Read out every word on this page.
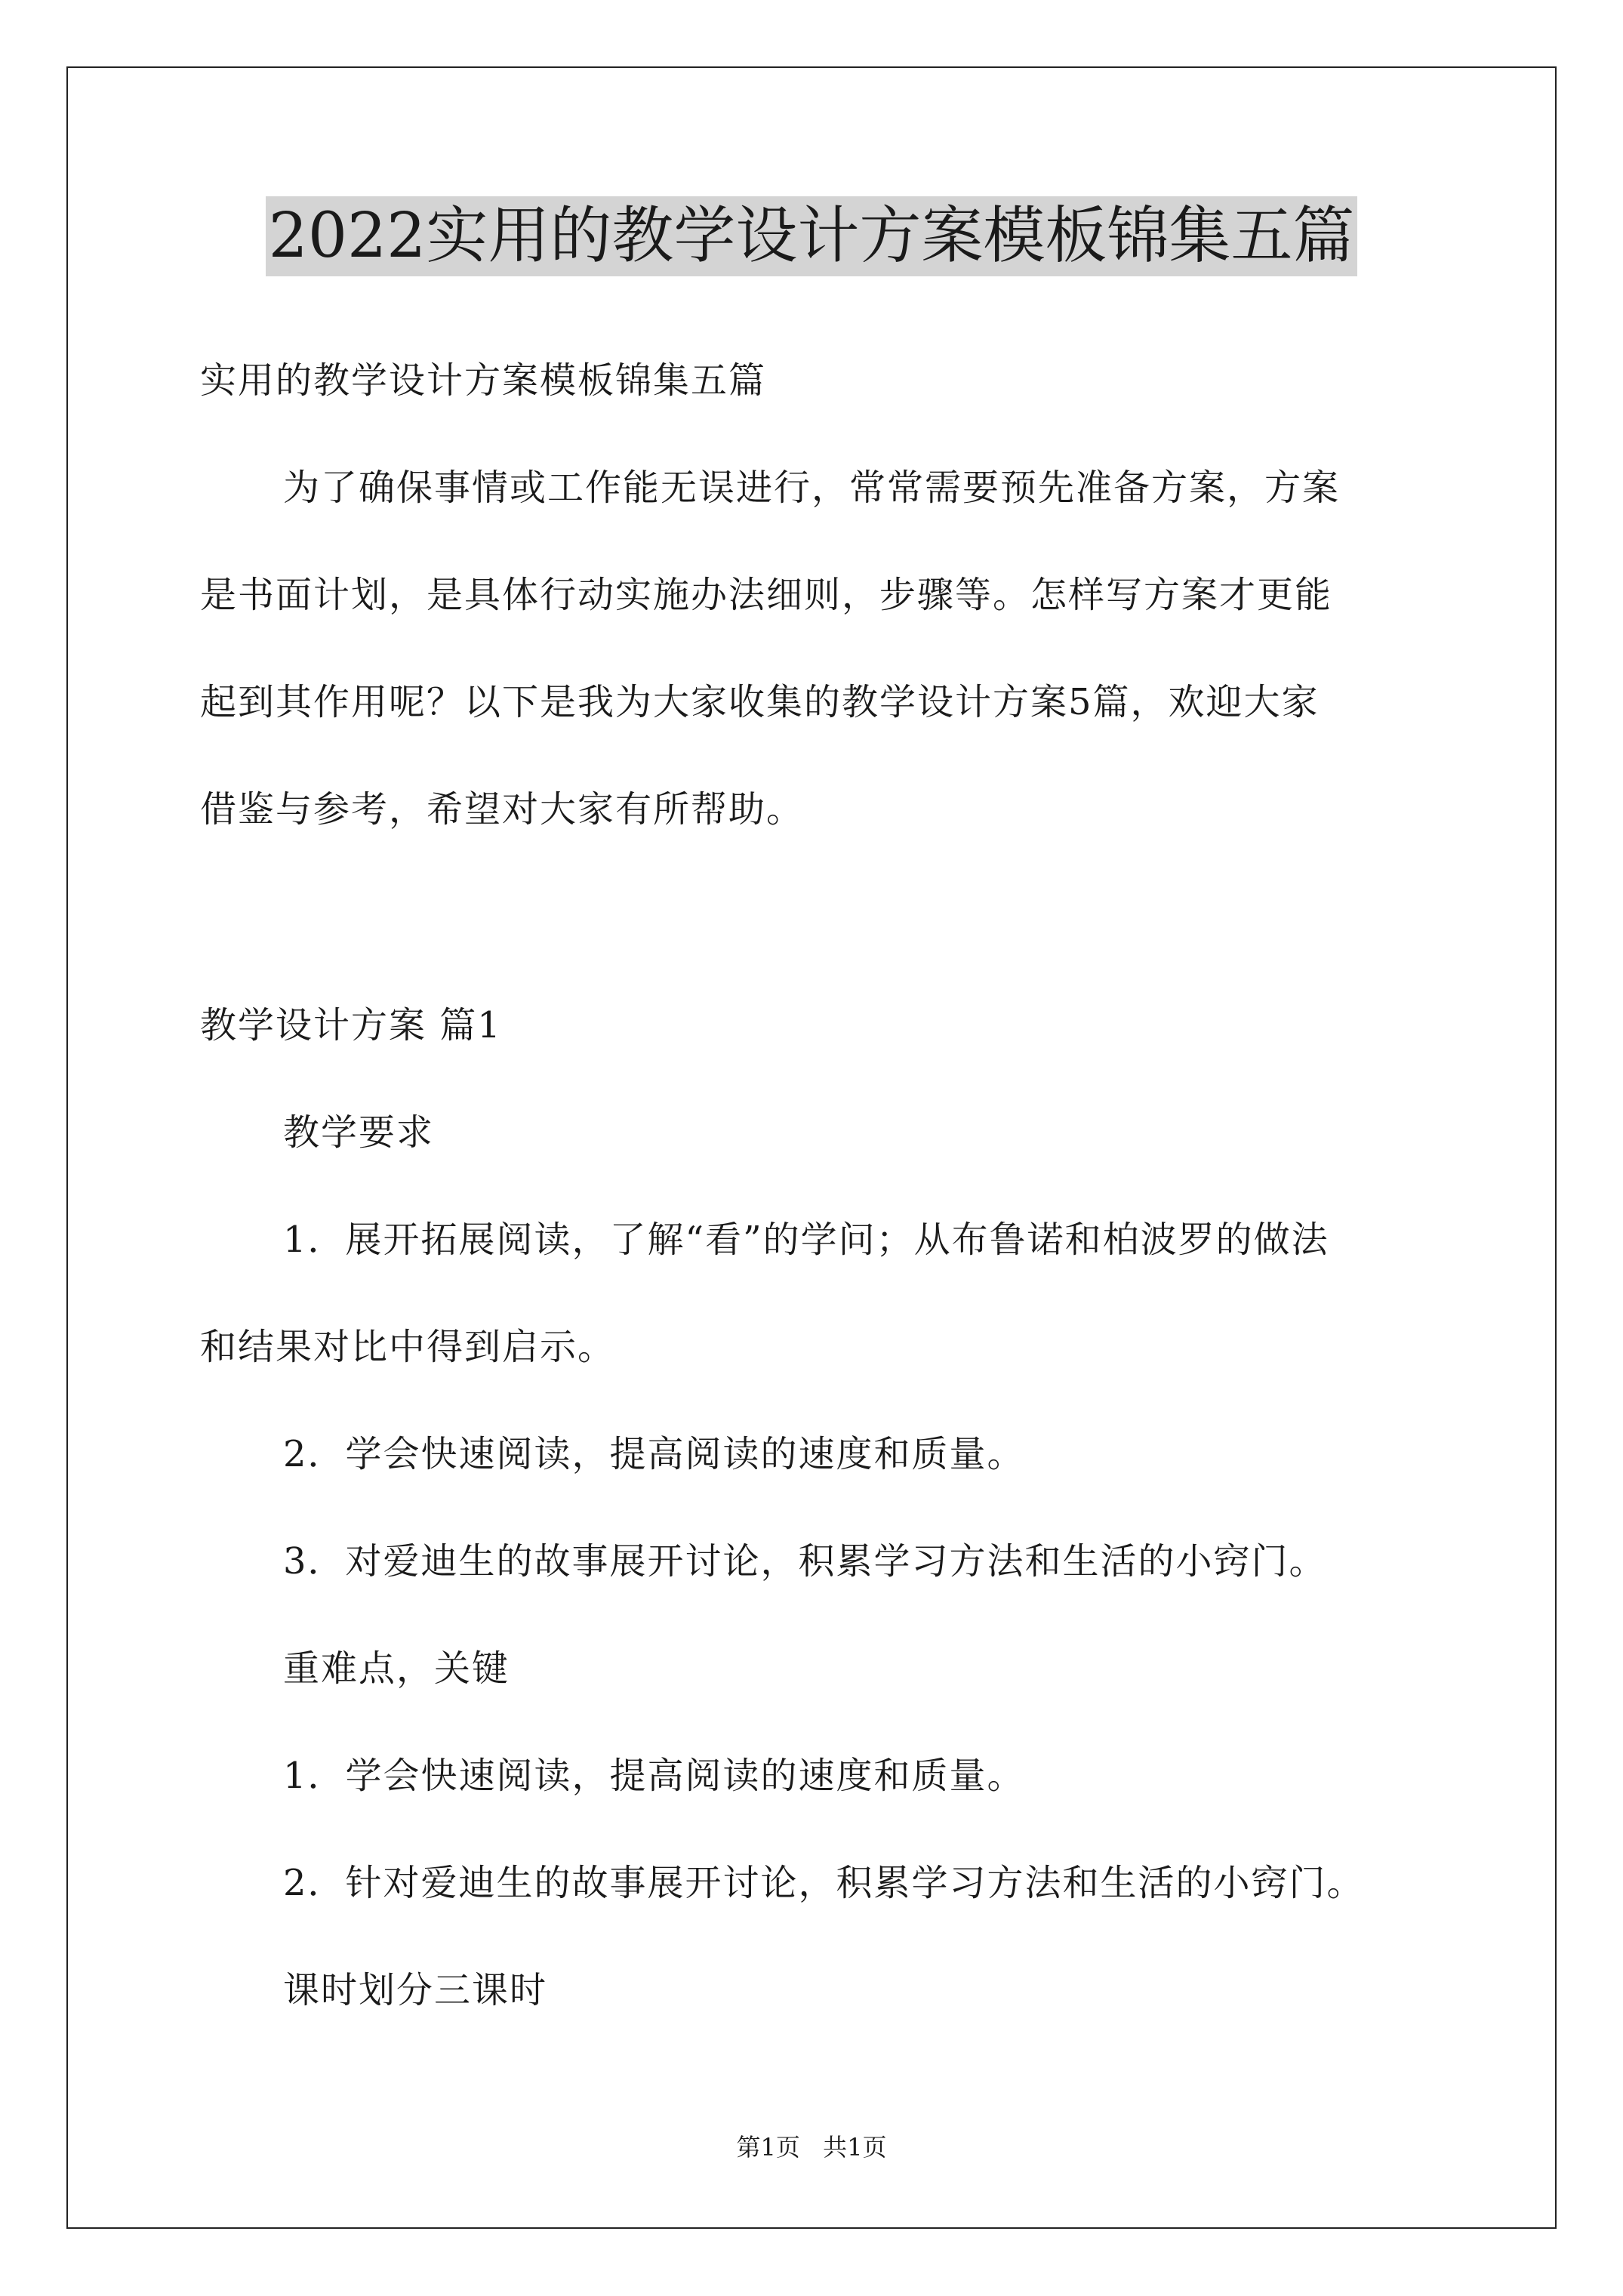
2022实用的教学设计方案模板锦集五篇
实用的教学设计方案模板锦集五篇
为了确保事情或工作能无误进行，常常需要预先准备方案，方案
是书面计划，是具体行动实施办法细则，步骤等。怎样写方案才更能
起到其作用呢？以下是我为大家收集的教学设计方案5篇，欢迎大家
借鉴与参考，希望对大家有所帮助。
教学设计方案 篇1
教学要求
1．展开拓展阅读，了解“看”的学问；从布鲁诺和柏波罗的做法
和结果对比中得到启示。
2．学会快速阅读，提高阅读的速度和质量。
3．对爱迪生的故事展开讨论，积累学习方法和生活的小窍门。
重难点，关键
1．学会快速阅读，提高阅读的速度和质量。
2．针对爱迪生的故事展开讨论，积累学习方法和生活的小窍门。
课时划分三课时
第1页 共1页
